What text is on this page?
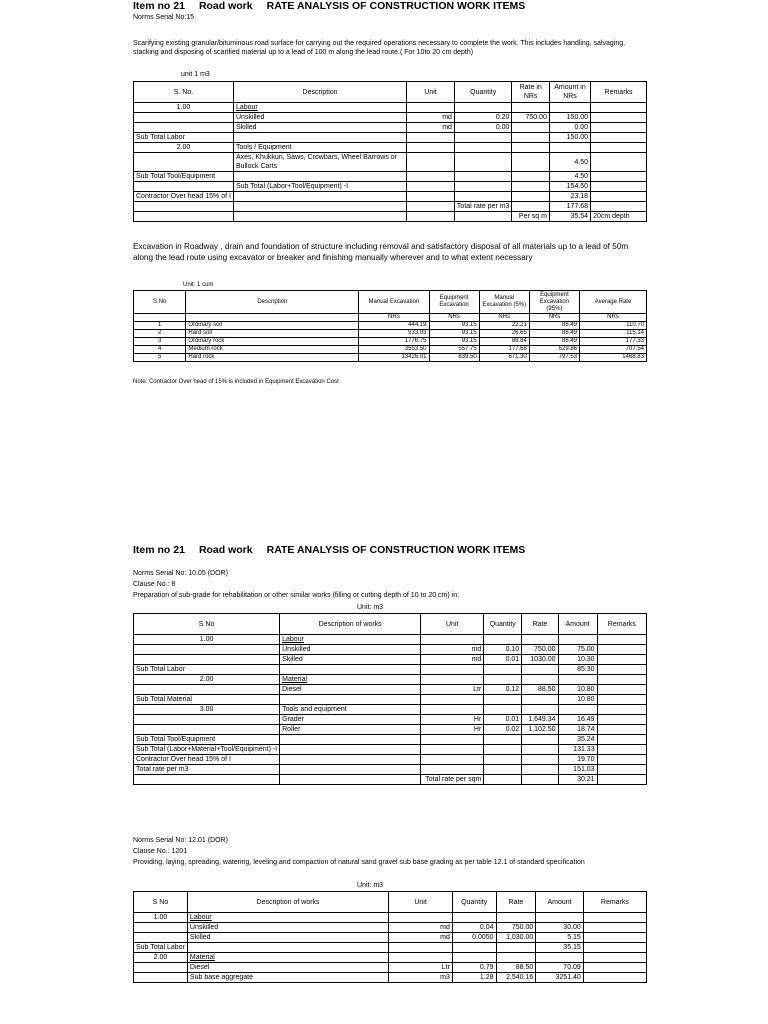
Item no 21 Road work RATE ANALYSIS OF CONSTRUCTION WORK ITEMS
Norms Serial No:15
Scarifying existing granular/bituminous road surface for carrying out the required operations necessary to complete the work. This includes handling, salvaging, stacking and disposing of scarified material up to a lead of 100 m along the lead route.( For 10to 20 cm depth)
unit 1 m3
S. No.	Description	Unit	Quantity	Rate in NRs	Amount in NRs	Remarks
1.00	Labour					
	Unskilled	md	0.20	750.00	150.00	
	Skilled	md	0.00		0.00	
Sub Total Labor					150.00	
2.00	Tools / Equipment					
	Axes, Khukkuri, Saws, Crowbars, Wheel Barrows or Bullock Carts				4.50	
Sub Total Tool/Equipment					4.50	
	Sub Total (Labor+Tool/Equipment) -I				154.50	
Contractor Over head 15% of I					23.18	
			Total rate per m3		177.68	
				Per sq m	35.54	20cm depth
Excavation in Roadway , drain and foundation of structure including removal and satisfactory disposal of all materials up to a lead of 50m along the lead route using excavator or breaker and finishing manually wherever and to what extent necessary
Unit: 1 cum
S.No	Description	Manual Excavation	Equipment Excavation	Manual Excavation (5%)	Equipment Excavation (95%)	Average Rate
		NRs	NRs	NRs	NRs	NRs
1	Ordinary soil	444.19	93.15	22.21	88.49	110.70
2	Hard soil	533.03	93.15	26.65	88.49	115.14
3	Ordinary rock	1776.75	93.15	88.84	88.49	177.33
4	Medium rock	3553.50	557.75	177.68	529.86	707.54
5	Hard rock	13426.01	839.50	671.30	797.53	1468.83
Note: Contractor Over head of 15% is included in Equipment Excavation Cost
Item no 21 Road work RATE ANALYSIS OF CONSTRUCTION WORK ITEMS
Norms Serial No: 10.05 (DOR)
Clause No.: 8
Preparation of sub-grade for rehabilitation or other similar works (filling or cutting depth of 10 to 20 cm) in:
Unit: m3
S No	Description of works	Unit	Quantity	Rate	Amount	Remarks
1.00	Labour					
	Unskilled	md	0.10	750.00	75.00	
	Skilled	md	0.01	1030.00	10.30	
Sub Total Labor					85.30	
2.00	Material					
	Diesel	Ltr	0.12	88.50	10.80	
Sub Total Material					10.80	
3.00	Tools and equipment					
	Grader	Hr	0.01	1,649.34	16.49	
	Roller	Hr	0.02	1,102.50	18.74	
Sub Total Tool/Equipment					35.24	
Sub Total (Labor+Material+Tool/Equipment) -I					131.33	
Contractor Over head 15% of I					19.70	
Total rate per m3					151.03	
		Total rate per sqm			30.21	
Norms Serial No: 12.01 (DOR)
Clause No.: 1201
Providing, laying, spreading, watering, leveling and compaction of natural sand gravel sub base grading as per table 12.1 of standard specification
Unit: m3
S No	Description of works	Unit	Quantity	Rate	Amount	Remarks
1.00	Labour					
	Unskilled	md	0.04	750.00	30.00	
	Skilled	md	0.0050	1,030.00	5.15	
Sub Total Labor					35.15	
2.00	Material					
	Diesel	Ltr	0.79	88.50	70.09	
	Sub base aggregate	m3	1.28	2,540.16	3251.40	
